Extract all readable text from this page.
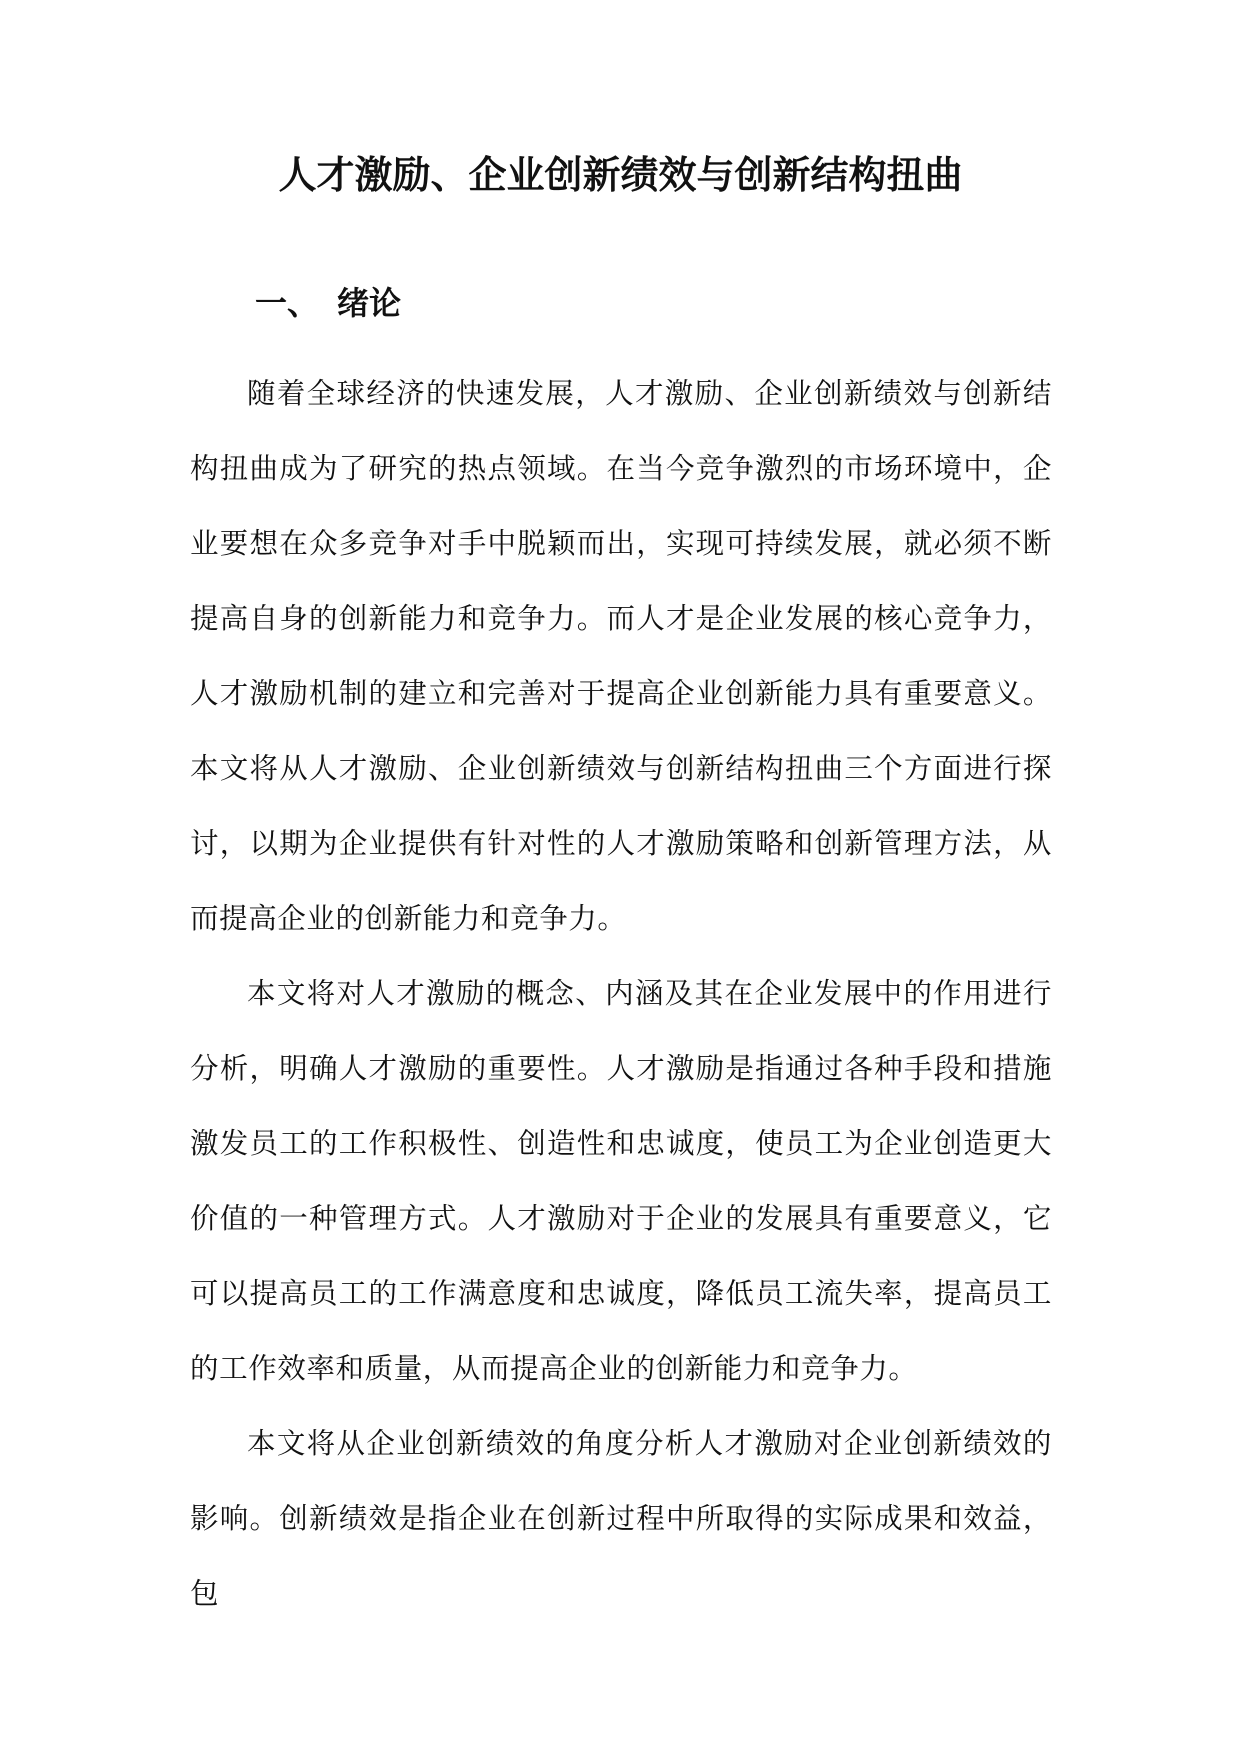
人才激励、企业创新绩效与创新结构扭曲
一、 绪论

随着全球经济的快速发展，人才激励、企业创新绩效与创新结构扭曲成为了研究的热点领域。在当今竞争激烈的市场环境中，企业要想在众多竞争对手中脱颖而出，实现可持续发展，就必须不断提高自身的创新能力和竞争力。而人才是企业发展的核心竞争力，人才激励机制的建立和完善对于提高企业创新能力具有重要意义。本文将从人才激励、企业创新绩效与创新结构扭曲三个方面进行探讨，以期为企业提供有针对性的人才激励策略和创新管理方法，从而提高企业的创新能力和竞争力。

本文将对人才激励的概念、内涵及其在企业发展中的作用进行分析，明确人才激励的重要性。人才激励是指通过各种手段和措施激发员工的工作积极性、创造性和忠诚度，使员工为企业创造更大价值的一种管理方式。人才激励对于企业的发展具有重要意义，它可以提高员工的工作满意度和忠诚度，降低员工流失率，提高员工的工作效率和质量，从而提高企业的创新能力和竞争力。

本文将从企业创新绩效的角度分析人才激励对企业创新绩效的影响。创新绩效是指企业在创新过程中所取得的实际成果和效益，包
